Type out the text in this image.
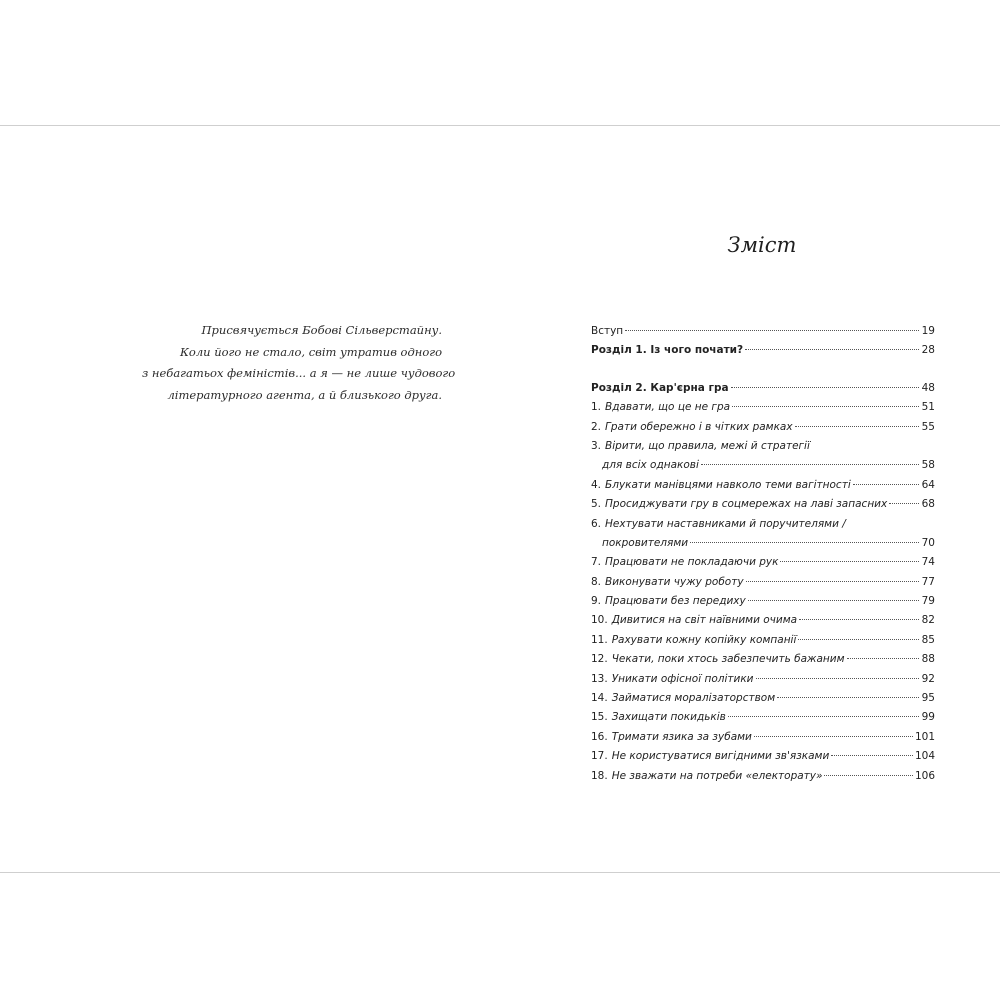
Присвячується Бобові Сільверстайну.
Коли його не стало, світ утратив одного
з небагатьох феміністів... а я — не лише чудового
літературного агента, а й близького друга.
Зміст
Вступ	19
Розділ 1. Із чого почати?	28
Розділ 2. Кар'єрна гра	48
1. Вдавати, що це не гра	51
2. Грати обережно і в чітких рамках	55
3. Вірити, що правила, межі й стратегії
для всіх однакові	58
4. Блукати манівцями навколо теми вагітності	64
5. Просиджувати гру в соцмережах на лаві запасних	68
6. Нехтувати наставниками й поручителями /
покровителями	70
7. Працювати не покладаючи рук	74
8. Виконувати чужу роботу	77
9. Працювати без передиху	79
10. Дивитися на світ наївними очима	82
11. Рахувати кожну копійку компанії	85
12. Чекати, поки хтось забезпечить бажаним	88
13. Уникати офісної політики	92
14. Займатися моралізаторством	95
15. Захищати покидьків	99
16. Тримати язика за зубами	101
17. Не користуватися вигідними зв'язками	104
18. Не зважати на потреби «електорату»	106
